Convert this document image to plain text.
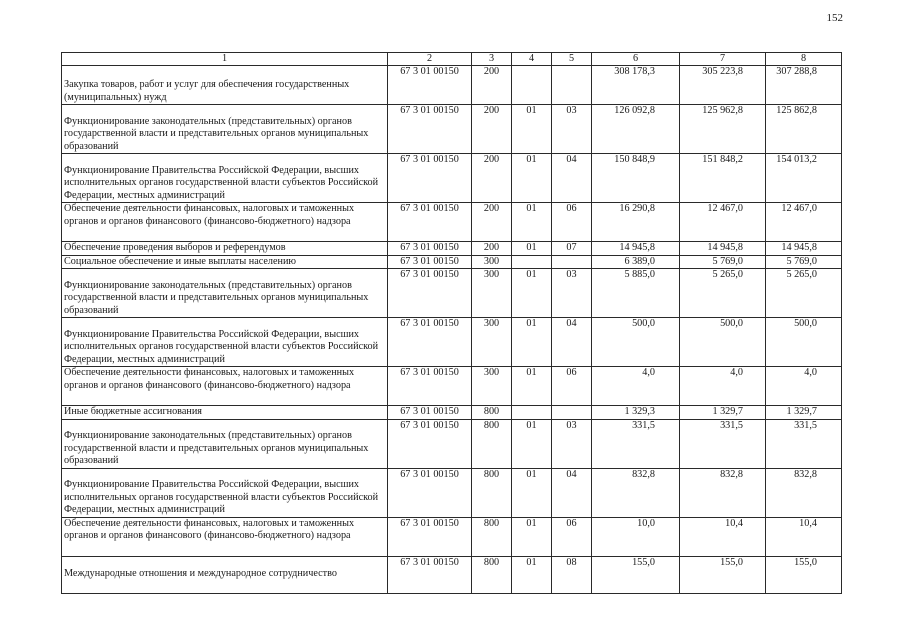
152
1	2	3	4	5	6	7	8
Закупка товаров, работ и услуг для обеспечения государственных (муниципальных) нужд	67 3 01 00150	200			308 178,3	305 223,8	307 288,8
Функционирование законодательных (представительных) органов государственной власти и представительных органов муниципальных образований	67 3 01 00150	200	01	03	126 092,8	125 962,8	125 862,8
Функционирование Правительства Российской Федерации, высших исполнительных органов государственной власти субъектов Российской Федерации, местных администраций	67 3 01 00150	200	01	04	150 848,9	151 848,2	154 013,2
Обеспечение деятельности финансовых, налоговых и таможенных органов и органов финансового (финансово-бюджетного) надзора	67 3 01 00150	200	01	06	16 290,8	12 467,0	12 467,0
Обеспечение проведения выборов и референдумов	67 3 01 00150	200	01	07	14 945,8	14 945,8	14 945,8
Социальное обеспечение и иные выплаты населению	67 3 01 00150	300			6 389,0	5 769,0	5 769,0
Функционирование законодательных (представительных) органов государственной власти и представительных органов муниципальных образований	67 3 01 00150	300	01	03	5 885,0	5 265,0	5 265,0
Функционирование Правительства Российской Федерации, высших исполнительных органов государственной власти субъектов Российской Федерации, местных администраций	67 3 01 00150	300	01	04	500,0	500,0	500,0
Обеспечение деятельности финансовых, налоговых и таможенных органов и органов финансового (финансово-бюджетного) надзора	67 3 01 00150	300	01	06	4,0	4,0	4,0
Иные бюджетные ассигнования	67 3 01 00150	800			1 329,3	1 329,7	1 329,7
Функционирование законодательных (представительных) органов государственной власти и представительных органов муниципальных образований	67 3 01 00150	800	01	03	331,5	331,5	331,5
Функционирование Правительства Российской Федерации, высших исполнительных органов государственной власти субъектов Российской Федерации, местных администраций	67 3 01 00150	800	01	04	832,8	832,8	832,8
Обеспечение деятельности финансовых, налоговых и таможенных органов и органов финансового (финансово-бюджетного) надзора	67 3 01 00150	800	01	06	10,0	10,4	10,4
Международные отношения и международное сотрудничество	67 3 01 00150	800	01	08	155,0	155,0	155,0
